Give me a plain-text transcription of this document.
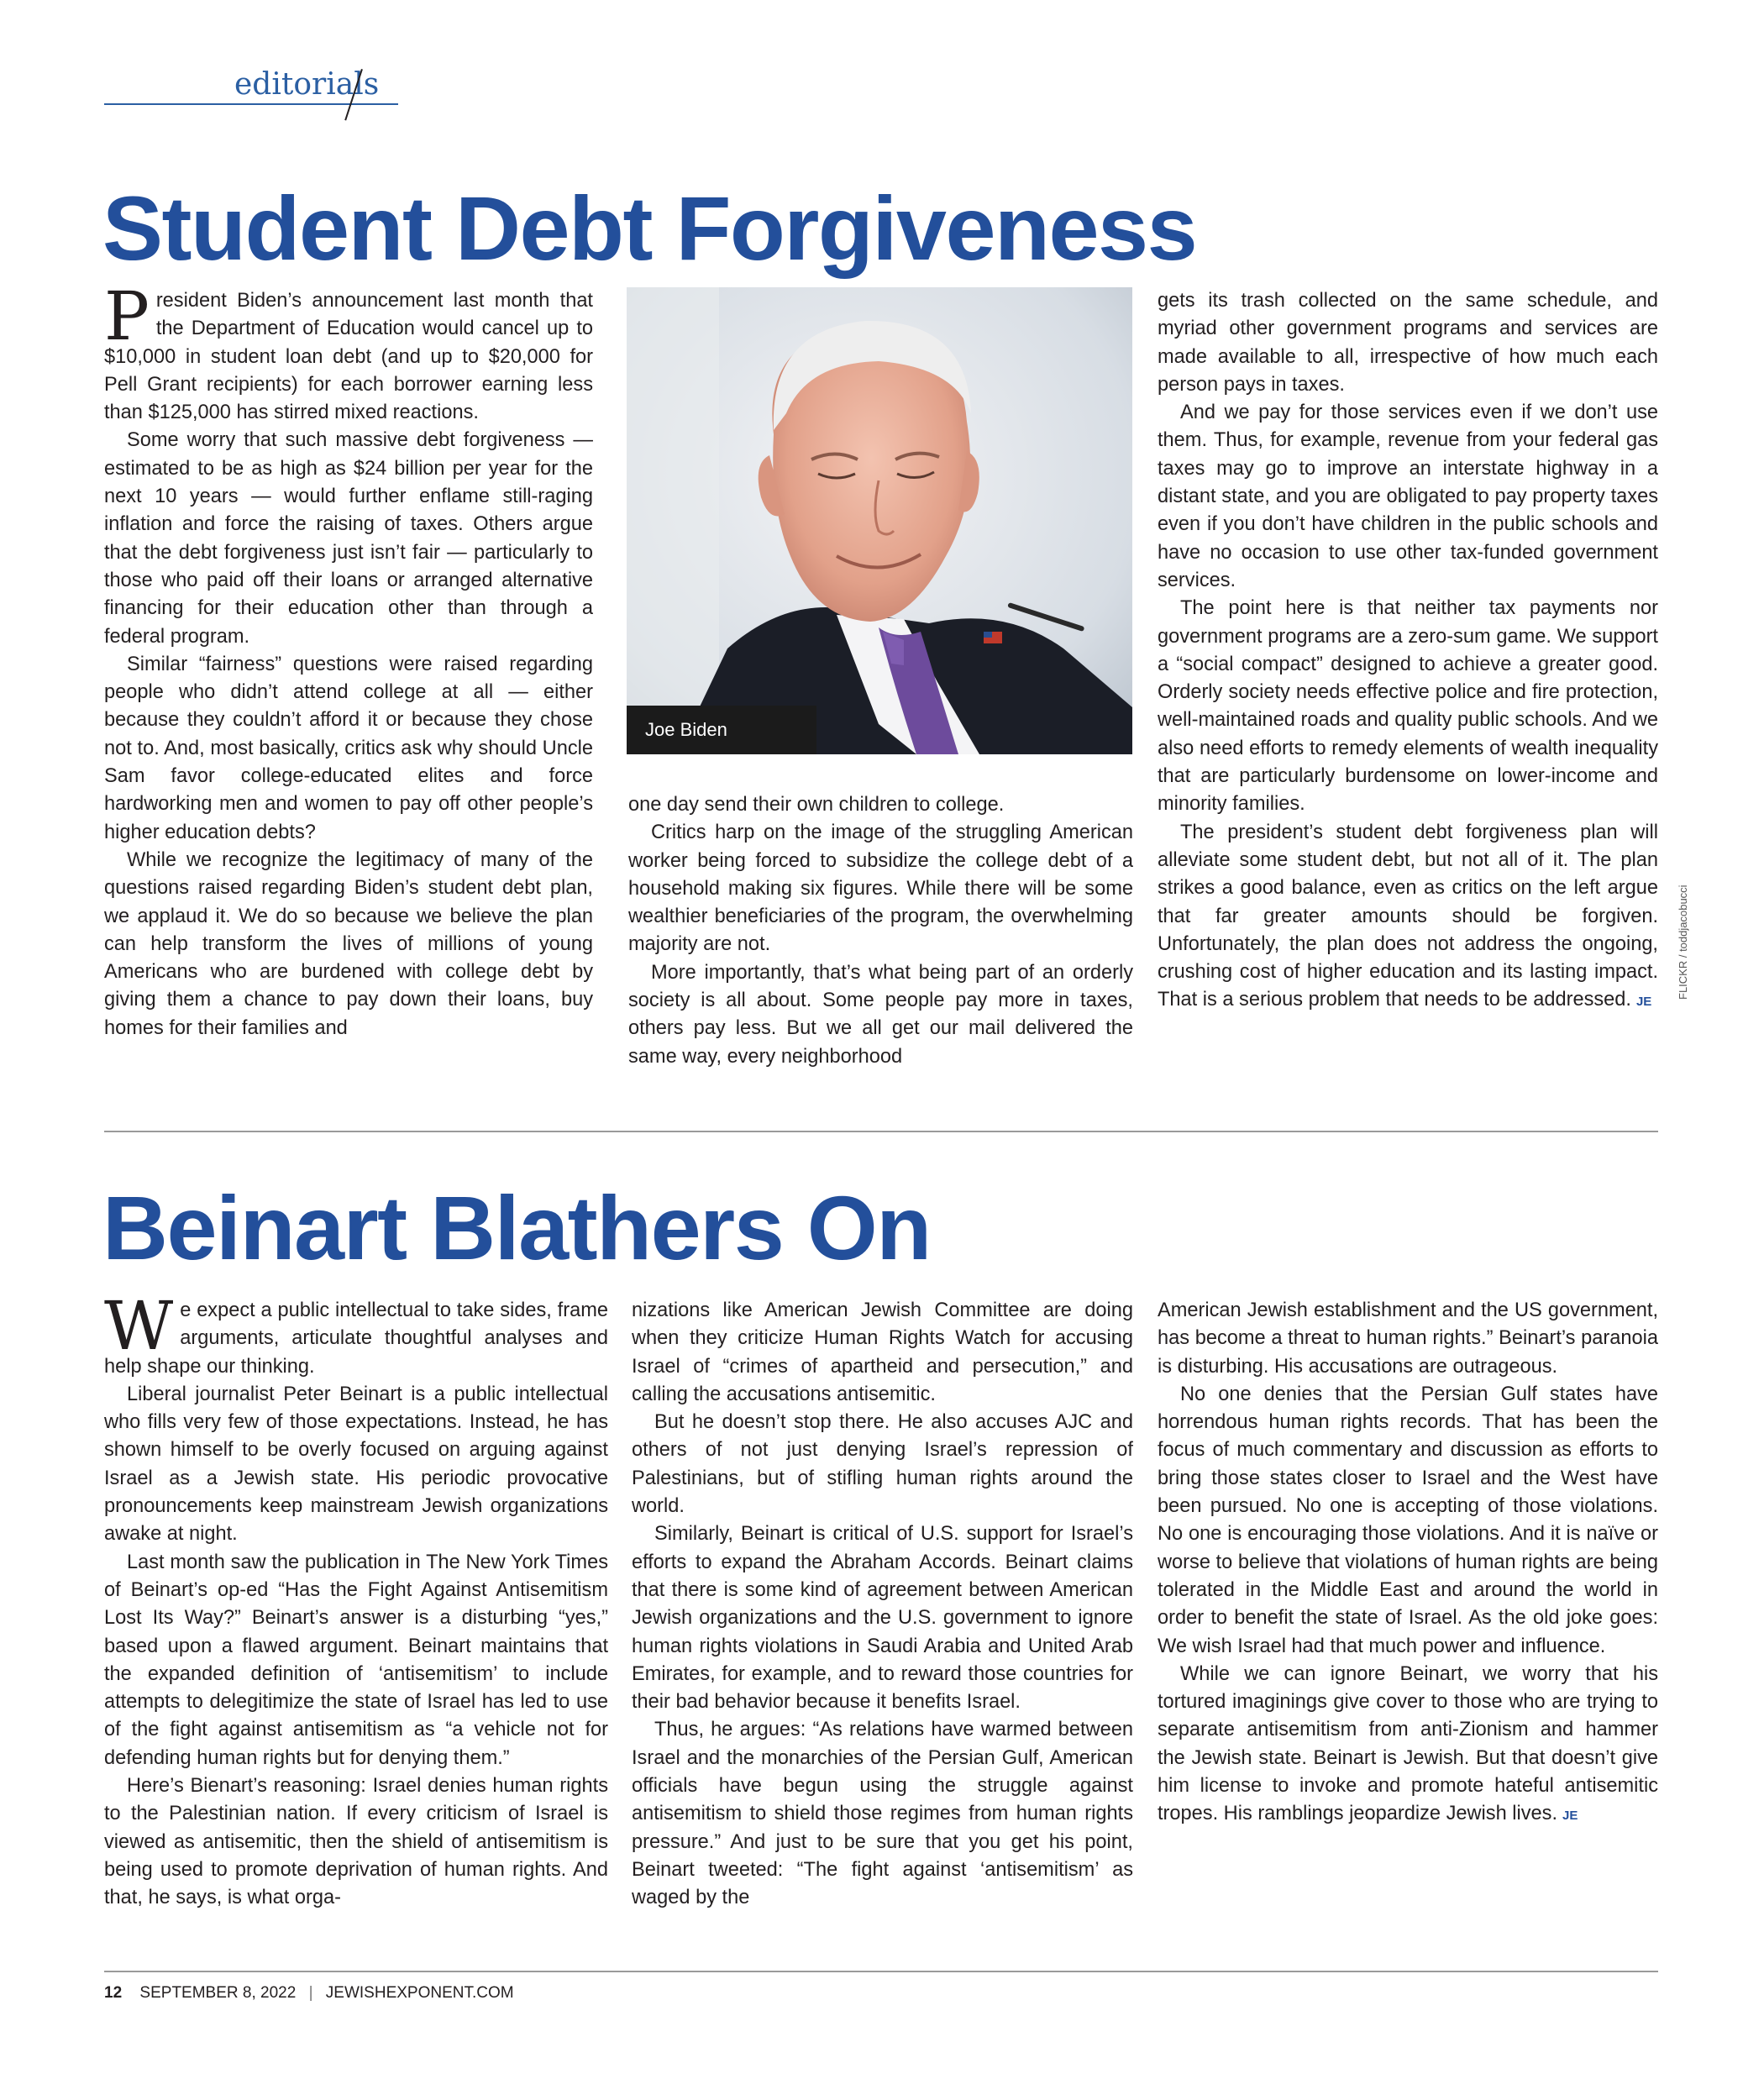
editorials
Student Debt Forgiveness

President Biden’s announcement last month that the Department of Education would cancel up to $10,000 in student loan debt (and up to $20,000 for Pell Grant recipients) for each borrower earning less than $125,000 has stirred mixed reactions.

Some worry that such massive debt forgiveness — estimated to be as high as $24 billion per year for the next 10 years — would further enflame still-raging inflation and force the raising of taxes. Others argue that the debt forgiveness just isn’t fair — particularly to those who paid off their loans or arranged alternative financing for their education other than through a federal program.

Similar “fairness” questions were raised regarding people who didn’t attend college at all — either because they couldn’t afford it or because they chose not to. And, most basically, critics ask why should Uncle Sam favor college-educated elites and force hardworking men and women to pay off other people’s higher education debts?

While we recognize the legitimacy of many of the questions raised regarding Biden’s student debt plan, we applaud it. We do so because we believe the plan can help transform the lives of millions of young Americans who are burdened with college debt by giving them a chance to pay down their loans, buy homes for their families and

Joe Biden

one day send their own children to college.

Critics harp on the image of the struggling American worker being forced to subsidize the college debt of a household making six figures. While there will be some wealthier beneficiaries of the program, the overwhelming majority are not.

More importantly, that’s what being part of an orderly society is all about. Some people pay more in taxes, others pay less. But we all get our mail delivered the same way, every neighborhood

gets its trash collected on the same schedule, and myriad other government programs and services are made available to all, irrespective of how much each person pays in taxes.

And we pay for those services even if we don’t use them. Thus, for example, revenue from your federal gas taxes may go to improve an interstate highway in a distant state, and you are obligated to pay property taxes even if you don’t have children in the public schools and have no occasion to use other tax-funded government services.

The point here is that neither tax payments nor government programs are a zero-sum game. We support a “social compact” designed to achieve a greater good. Orderly society needs effective police and fire protection, well-maintained roads and quality public schools. And we also need efforts to remedy elements of wealth inequality that are particularly burdensome on lower-income and minority families.

The president’s student debt forgiveness plan will alleviate some student debt, but not all of it. The plan strikes a good balance, even as critics on the left argue that far greater amounts should be forgiven. Unfortunately, the plan does not address the ongoing, crushing cost of higher education and its lasting impact. That is a serious problem that needs to be addressed. JE

FLICKR / toddjacobucci
Beinart Blathers On

We expect a public intellectual to take sides, frame arguments, articulate thoughtful analyses and help shape our thinking.

Liberal journalist Peter Beinart is a public intellectual who fills very few of those expectations. Instead, he has shown himself to be overly focused on arguing against Israel as a Jewish state. His periodic provocative pronouncements keep mainstream Jewish organizations awake at night.

Last month saw the publication in The New York Times of Beinart’s op-ed “Has the Fight Against Antisemitism Lost Its Way?” Beinart’s answer is a disturbing “yes,” based upon a flawed argument. Beinart maintains that the expanded definition of ‘antisemitism’ to include attempts to delegitimize the state of Israel has led to use of the fight against antisemitism as “a vehicle not for defending human rights but for denying them.”

Here’s Bienart’s reasoning: Israel denies human rights to the Palestinian nation. If every criticism of Israel is viewed as antisemitic, then the shield of antisemitism is being used to promote deprivation of human rights. And that, he says, is what orga-

nizations like American Jewish Committee are doing when they criticize Human Rights Watch for accusing Israel of “crimes of apartheid and persecution,” and calling the accusations antisemitic.

But he doesn’t stop there. He also accuses AJC and others of not just denying Israel’s repression of Palestinians, but of stifling human rights around the world.

Similarly, Beinart is critical of U.S. support for Israel’s efforts to expand the Abraham Accords. Beinart claims that there is some kind of agreement between American Jewish organizations and the U.S. government to ignore human rights violations in Saudi Arabia and United Arab Emirates, for example, and to reward those countries for their bad behavior because it benefits Israel.

Thus, he argues: “As relations have warmed between Israel and the monarchies of the Persian Gulf, American officials have begun using the struggle against antisemitism to shield those regimes from human rights pressure.” And just to be sure that you get his point, Beinart tweeted: “The fight against ‘antisemitism’ as waged by the

American Jewish establishment and the US government, has become a threat to human rights.” Beinart’s paranoia is disturbing. His accusations are outrageous.

No one denies that the Persian Gulf states have horrendous human rights records. That has been the focus of much commentary and discussion as efforts to bring those states closer to Israel and the West have been pursued. No one is accepting of those violations. No one is encouraging those violations. And it is naïve or worse to believe that violations of human rights are being tolerated in the Middle East and around the world in order to benefit the state of Israel. As the old joke goes: We wish Israel had that much power and influence.

While we can ignore Beinart, we worry that his tortured imaginings give cover to those who are trying to separate antisemitism from anti-Zionism and hammer the Jewish state. Beinart is Jewish. But that doesn’t give him license to invoke and promote hateful antisemitic tropes. His ramblings jeopardize Jewish lives. JE

12 SEPTEMBER 8, 2022 | JEWISHEXPONENT.COM
